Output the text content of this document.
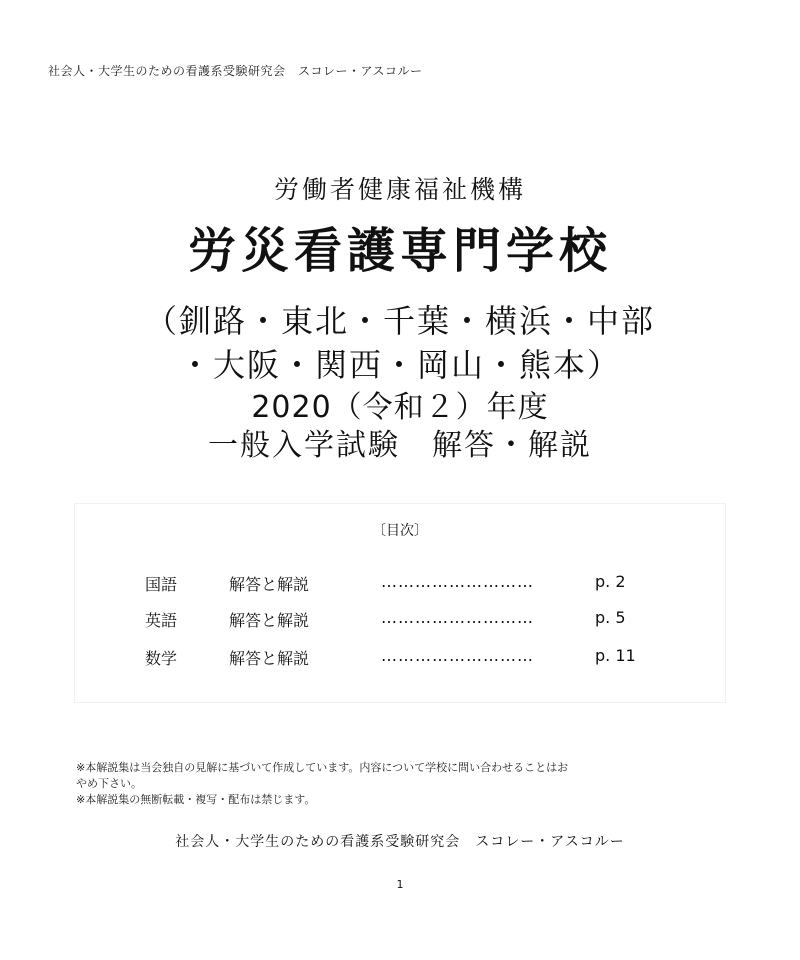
社会人・大学生のための看護系受験研究会　スコレー・アスコルー
労働者健康福祉機構
労災看護専門学校
（釧路・東北・千葉・横浜・中部
・大阪・関西・岡山・熊本）
2020（令和２）年度
一般入学試験　解答・解説
〔目次〕
国語	解答と解説	………………………	p. 2
英語	解答と解説	………………………	p. 5
数学	解答と解説	………………………	p. 11
※本解説集は当会独自の見解に基づいて作成しています。内容について学校に問い合わせることはお
やめ下さい。
※本解説集の無断転載・複写・配布は禁じます。
社会人・大学生のための看護系受験研究会　スコレー・アスコルー
1
